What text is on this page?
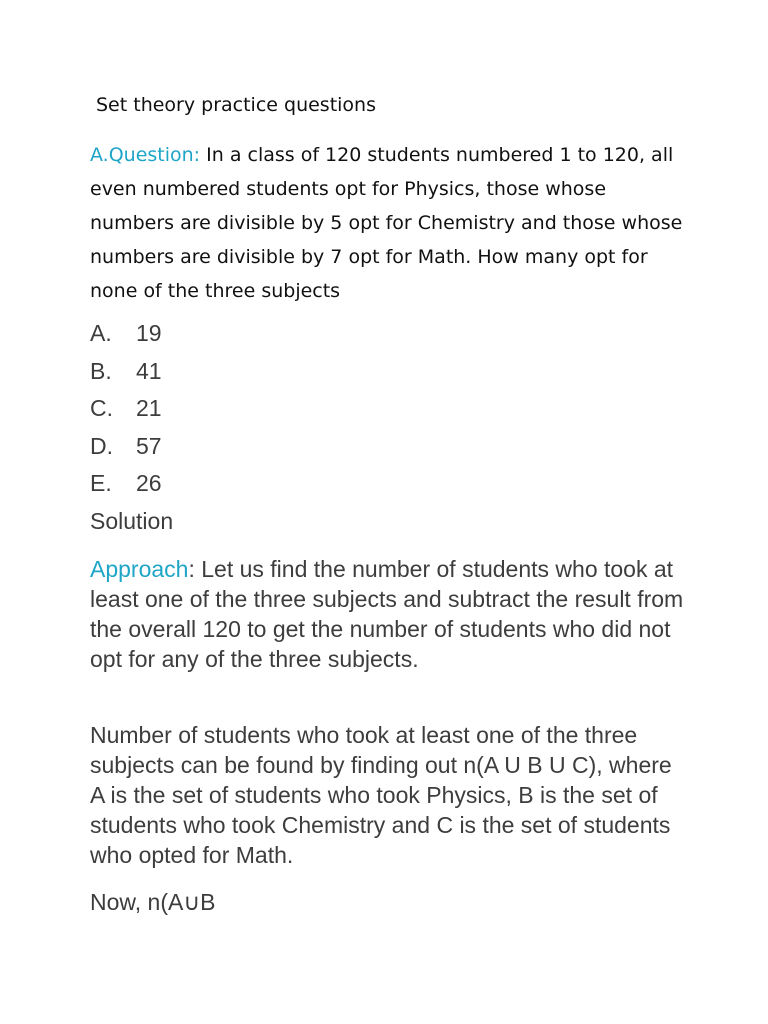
Set theory practice questions
A.Question: In a class of 120 students numbered 1 to 120, all even numbered students opt for Physics, those whose numbers are divisible by 5 opt for Chemistry and those whose numbers are divisible by 7 opt for Math. How many opt for none of the three subjects
A. 19
B. 41
C. 21
D. 57
E. 26
Solution

Approach: Let us find the number of students who took at least one of the three subjects and subtract the result from the overall 120 to get the number of students who did not opt for any of the three subjects.

Number of students who took at least one of the three subjects can be found by finding out n(A U B U C), where A is the set of students who took Physics, B is the set of students who took Chemistry and C is the set of students who opted for Math.

Now, n(A∪B
